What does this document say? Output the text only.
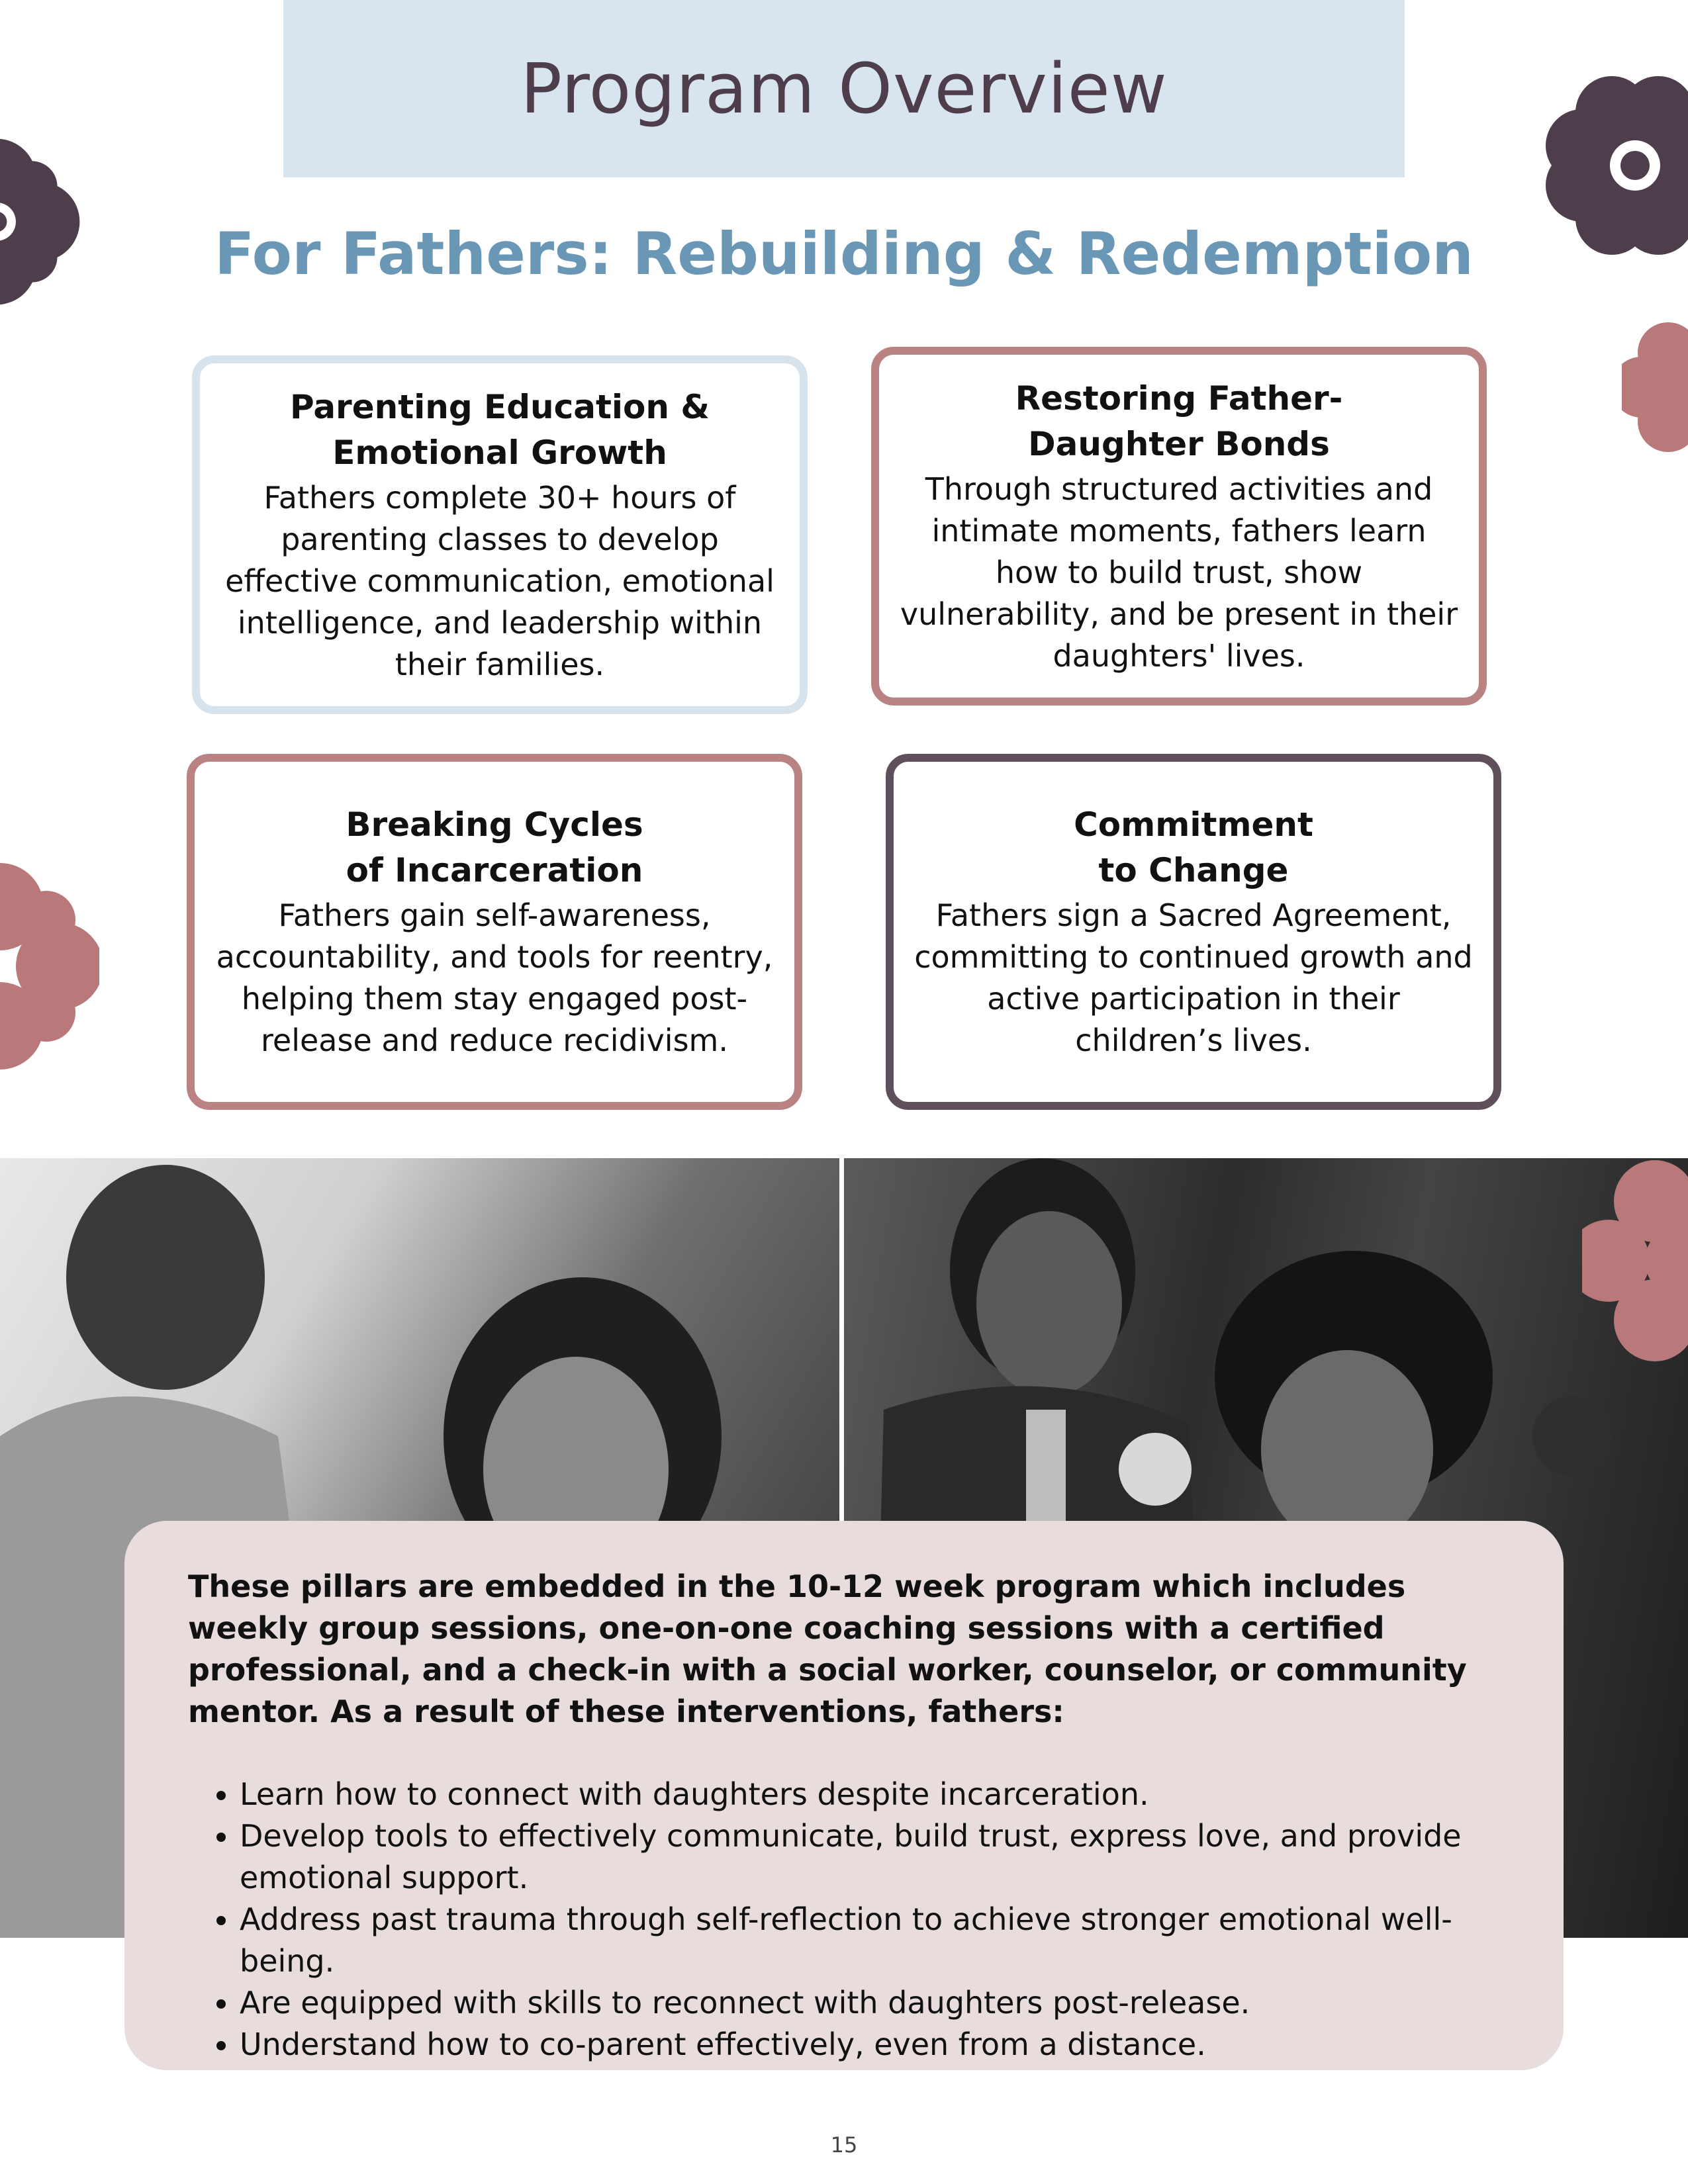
Program Overview
For Fathers: Rebuilding & Redemption
Parenting Education &
Emotional Growth

Fathers complete 30+ hours of parenting classes to develop effective communication, emotional intelligence, and leadership within their families.

Restoring Father-
Daughter Bonds

Through structured activities and intimate moments, fathers learn how to build trust, show vulnerability, and be present in their daughters' lives.

Breaking Cycles
of Incarceration

Fathers gain self-awareness, accountability, and tools for reentry, helping them stay engaged post-release and reduce recidivism.

Commitment
to Change

Fathers sign a Sacred Agreement, committing to continued growth and active participation in their children’s lives.

These pillars are embedded in the 10-12 week program which includes weekly group sessions, one-on-one coaching sessions with a certified professional, and a check-in with a social worker, counselor, or community mentor. As a result of these interventions, fathers:

• Learn how to connect with daughters despite incarceration.
• Develop tools to effectively communicate, build trust, express love, and provide emotional support.
• Address past trauma through self-reflection to achieve stronger emotional well-being.
• Are equipped with skills to reconnect with daughters post-release.
• Understand how to co-parent effectively, even from a distance.
15
